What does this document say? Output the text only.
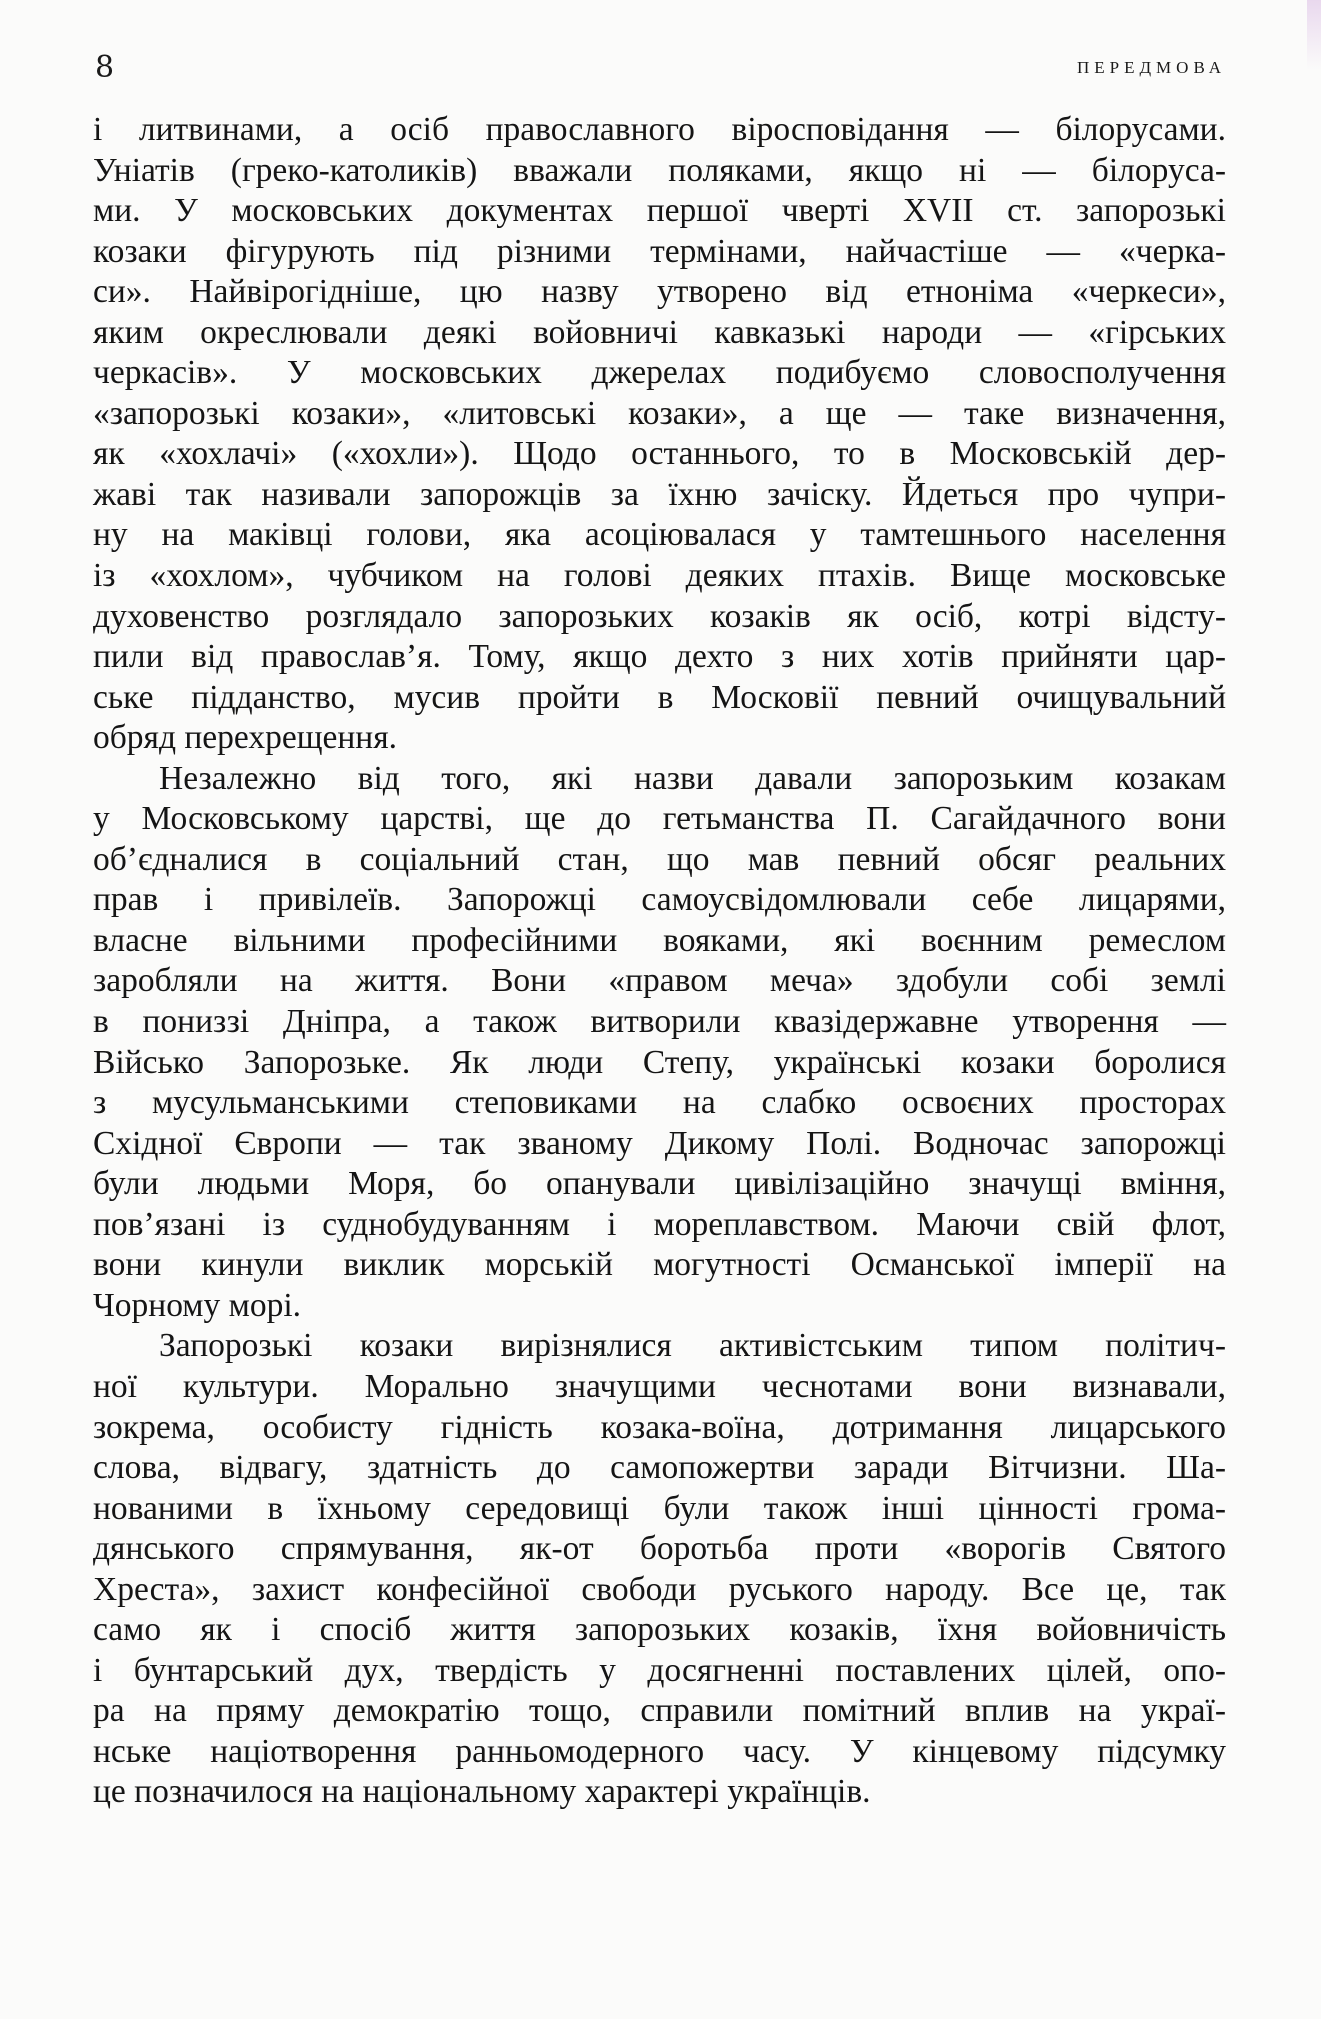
8	ПЕРЕДМОВА
і литвинами, а осіб православного віросповідання — білорусами.
Уніатів (греко-католиків) вважали поляками, якщо ні — білоруса-
ми. У московських документах першої чверті XVII ст. запорозькі
козаки фігурують під різними термінами, найчастіше — «черка-
си». Найвірогідніше, цю назву утворено від етноніма «черкеси»,
яким окреслювали деякі войовничі кавказькі народи — «гірських
черкасів». У московських джерелах подибуємо словосполучення
«запорозькі козаки», «литовські козаки», а ще — таке визначення,
як «хохлачі» («хохли»). Щодо останнього, то в Московській дер-
жаві так називали запорожців за їхню зачіску. Йдеться про чупри-
ну на маківці голови, яка асоціювалася у тамтешнього населення
із «хохлом», чубчиком на голові деяких птахів. Вище московське
духовенство розглядало запорозьких козаків як осіб, котрі відсту-
пили від православ’я. Тому, якщо дехто з них хотів прийняти цар-
ське підданство, мусив пройти в Московії певний очищувальний
обряд перехрещення.
Незалежно від того, які назви давали запорозьким козакам
у Московському царстві, ще до гетьманства П. Сагайдачного вони
об’єдналися в соціальний стан, що мав певний обсяг реальних
прав і привілеїв. Запорожці самоусвідомлювали себе лицарями,
власне вільними професійними вояками, які воєнним ремеслом
заробляли на життя. Вони «правом меча» здобули собі землі
в пониззі Дніпра, а також витворили квазідержавне утворення —
Військо Запорозьке. Як люди Степу, українські козаки боролися
з мусульманськими степовиками на слабко освоєних просторах
Східної Європи — так званому Дикому Полі. Водночас запорожці
були людьми Моря, бо опанували цивілізаційно значущі вміння,
пов’язані із суднобудуванням і мореплавством. Маючи свій флот,
вони кинули виклик морській могутності Османської імперії на
Чорному морі.
Запорозькі козаки вирізнялися активістським типом політич-
ної культури. Морально значущими чеснотами вони визнавали,
зокрема, особисту гідність козака-воїна, дотримання лицарського
слова, відвагу, здатність до самопожертви заради Вітчизни. Ша-
нованими в їхньому середовищі були також інші цінності грома-
дянського спрямування, як-от боротьба проти «ворогів Святого
Хреста», захист конфесійної свободи руського народу. Все це, так
само як і спосіб життя запорозьких козаків, їхня войовничість
і бунтарський дух, твердість у досягненні поставлених цілей, опо-
ра на пряму демократію тощо, справили помітний вплив на украї-
нське націотворення ранньомодерного часу. У кінцевому підсумку
це позначилося на національному характері українців.
